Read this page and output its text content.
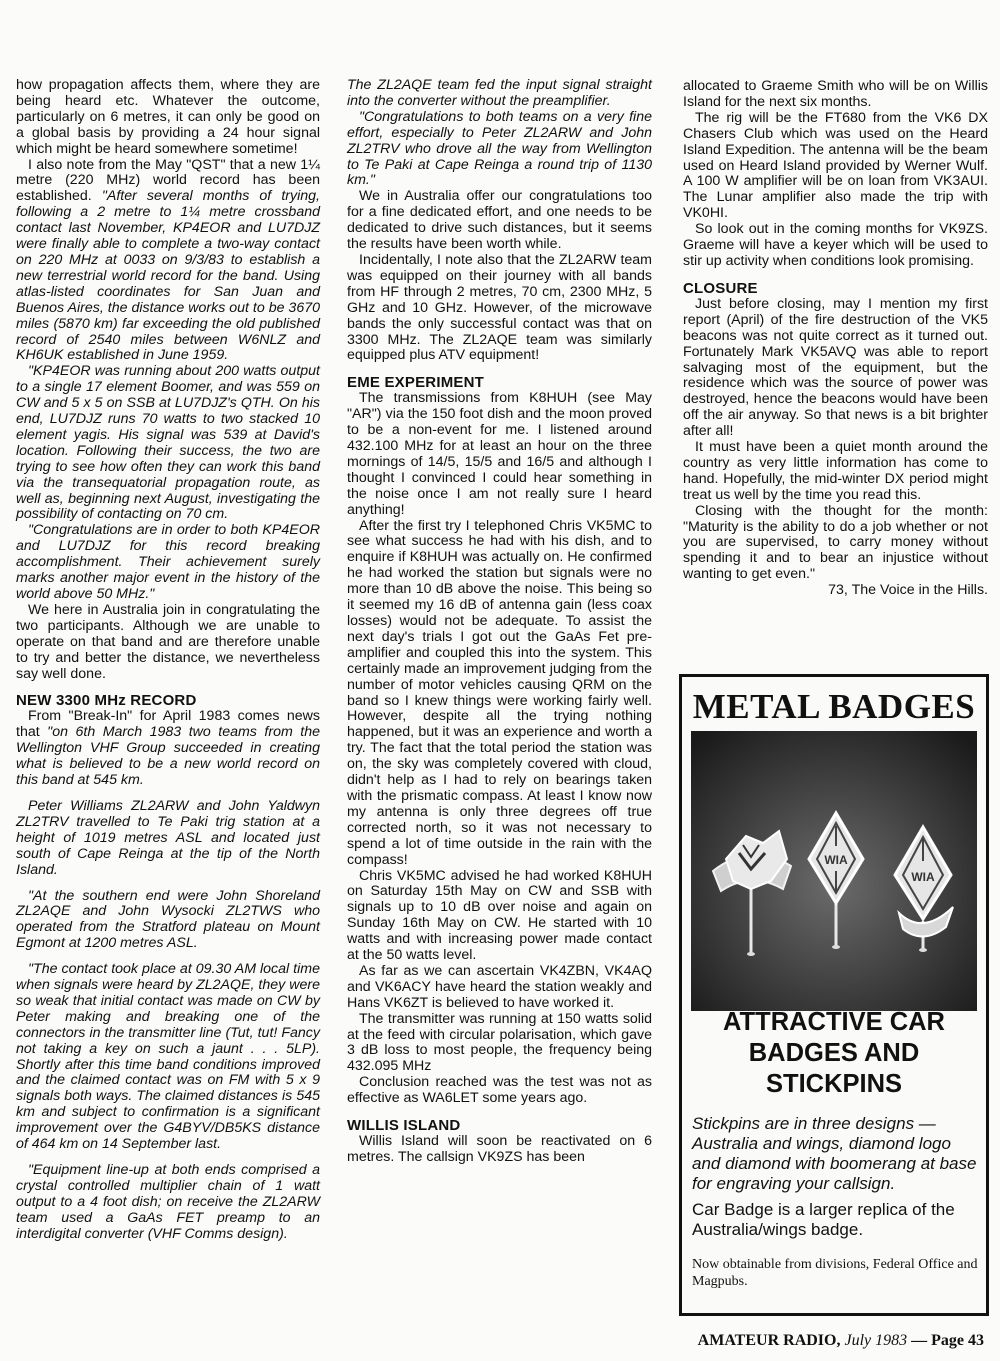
how propagation affects them, where they are being heard etc. Whatever the outcome, particularly on 6 metres, it can only be good on a global basis by providing a 24 hour signal which might be heard somewhere sometime!

I also note from the May "QST" that a new 1¼ metre (220 MHz) world record has been established. "After several months of trying, following a 2 metre to 1¼ metre crossband contact last November, KP4EOR and LU7DJZ were finally able to complete a two-way contact on 220 MHz at 0033 on 9/3/83 to establish a new terrestrial world record for the band. Using atlas-listed coordinates for San Juan and Buenos Aires, the distance works out to be 3670 miles (5870 km) far exceeding the old published record of 2540 miles between W6NLZ and KH6UK established in June 1959.

"KP4EOR was running about 200 watts output to a single 17 element Boomer, and was 559 on CW and 5 x 5 on SSB at LU7DJZ's QTH. On his end, LU7DJZ runs 70 watts to two stacked 10 element yagis. His signal was 539 at David's location. Following their success, the two are trying to see how often they can work this band via the transequatorial propagation route, as well as, beginning next August, investigating the possibility of contacting on 70 cm.

"Congratulations are in order to both KP4EOR and LU7DJZ for this record breaking accomplishment. Their achievement surely marks another major event in the history of the world above 50 MHz."

We here in Australia join in congratulating the two participants. Although we are unable to operate on that band and are therefore unable to try and better the distance, we nevertheless say well done.

NEW 3300 MHz RECORD

From "Break-In" for April 1983 comes news that "on 6th March 1983 two teams from the Wellington VHF Group succeeded in creating what is believed to be a new world record on this band at 545 km.

Peter Williams ZL2ARW and John Yaldwyn ZL2TRV travelled to Te Paki trig station at a height of 1019 metres ASL and located just south of Cape Reinga at the tip of the North Island.

"At the southern end were John Shoreland ZL2AQE and John Wysocki ZL2TWS who operated from the Stratford plateau on Mount Egmont at 1200 metres ASL.

"The contact took place at 09.30 AM local time when signals were heard by ZL2AQE, they were so weak that initial contact was made on CW by Peter making and breaking one of the connectors in the transmitter line (Tut, tut! Fancy not taking a key on such a jaunt . . . 5LP). Shortly after this time band conditions improved and the claimed contact was on FM with 5 x 9 signals both ways. The claimed distances is 545 km and subject to confirmation is a significant improvement over the G4BYV/DB5KS distance of 464 km on 14 September last.

"Equipment line-up at both ends comprised a crystal controlled multiplier chain of 1 watt output to a 4 foot dish; on receive the ZL2ARW team used a GaAs FET preamp to an interdigital converter (VHF Comms design).

The ZL2AQE team fed the input signal straight into the converter without the preamplifier.

"Congratulations to both teams on a very fine effort, especially to Peter ZL2ARW and John ZL2TRV who drove all the way from Wellington to Te Paki at Cape Reinga a round trip of 1130 km."

We in Australia offer our congratulations too for a fine dedicated effort, and one needs to be dedicated to drive such distances, but it seems the results have been worth while.

Incidentally, I note also that the ZL2ARW team was equipped on their journey with all bands from HF through 2 metres, 70 cm, 2300 MHz, 5 GHz and 10 GHz. However, of the microwave bands the only successful contact was that on 3300 MHz. The ZL2AQE team was similarly equipped plus ATV equipment!

EME EXPERIMENT

The transmissions from K8HUH (see May "AR") via the 150 foot dish and the moon proved to be a non-event for me. I listened around 432.100 MHz for at least an hour on the three mornings of 14/5, 15/5 and 16/5 and although I thought I convinced I could hear something in the noise once I am not really sure I heard anything!

After the first try I telephoned Chris VK5MC to see what success he had with his dish, and to enquire if K8HUH was actually on. He confirmed he had worked the station but signals were no more than 10 dB above the noise. This being so it seemed my 16 dB of antenna gain (less coax losses) would not be adequate. To assist the next day's trials I got out the GaAs Fet pre-amplifier and coupled this into the system. This certainly made an improvement judging from the number of motor vehicles causing QRM on the band so I knew things were working fairly well. However, despite all the trying nothing happened, but it was an experience and worth a try. The fact that the total period the station was on, the sky was completely covered with cloud, didn't help as I had to rely on bearings taken with the prismatic compass. At least I know now my antenna is only three degrees off true corrected north, so it was not necessary to spend a lot of time outside in the rain with the compass!

Chris VK5MC advised he had worked K8HUH on Saturday 15th May on CW and SSB with signals up to 10 dB over noise and again on Sunday 16th May on CW. He started with 10 watts and with increasing power made contact at the 50 watts level.

As far as we can ascertain VK4ZBN, VK4AQ and VK6ACY have heard the station weakly and Hans VK6ZT is believed to have worked it.

The transmitter was running at 150 watts solid at the feed with circular polarisation, which gave 3 dB loss to most people, the frequency being 432.095 MHz

Conclusion reached was the test was not as effective as WA6LET some years ago.

WILLIS ISLAND

Willis Island will soon be reactivated on 6 metres. The callsign VK9ZS has been

allocated to Graeme Smith who will be on Willis Island for the next six months.

The rig will be the FT680 from the VK6 DX Chasers Club which was used on the Heard Island Expedition. The antenna will be the beam used on Heard Island provided by Werner Wulf. A 100 W amplifier will be on loan from VK3AUI. The Lunar amplifier also made the trip with VK0HI.

So look out in the coming months for VK9ZS. Graeme will have a keyer which will be used to stir up activity when conditions look promising.

CLOSURE

Just before closing, may I mention my first report (April) of the fire destruction of the VK5 beacons was not quite correct as it turned out. Fortunately Mark VK5AVQ was able to report salvaging most of the equipment, but the residence which was the source of power was destroyed, hence the beacons would have been off the air anyway. So that news is a bit brighter after all!

It must have been a quiet month around the country as very little information has come to hand. Hopefully, the mid-winter DX period might treat us well by the time you read this.

Closing with the thought for the month: "Maturity is the ability to do a job whether or not you are supervised, to carry money without spending it and to bear an injustice without wanting to get even."

73, The Voice in the Hills.

METAL BADGES
WIA
WIA
ATTRACTIVE CAR
BADGES AND
STICKPINS
Stickpins are in three designs — Australia and wings, diamond logo and diamond with boomerang at base for engraving your callsign.
Car Badge is a larger replica of the Australia/wings badge.
Now obtainable from divisions, Federal Office and Magpubs.
AMATEUR RADIO, July 1983 — Page 43
